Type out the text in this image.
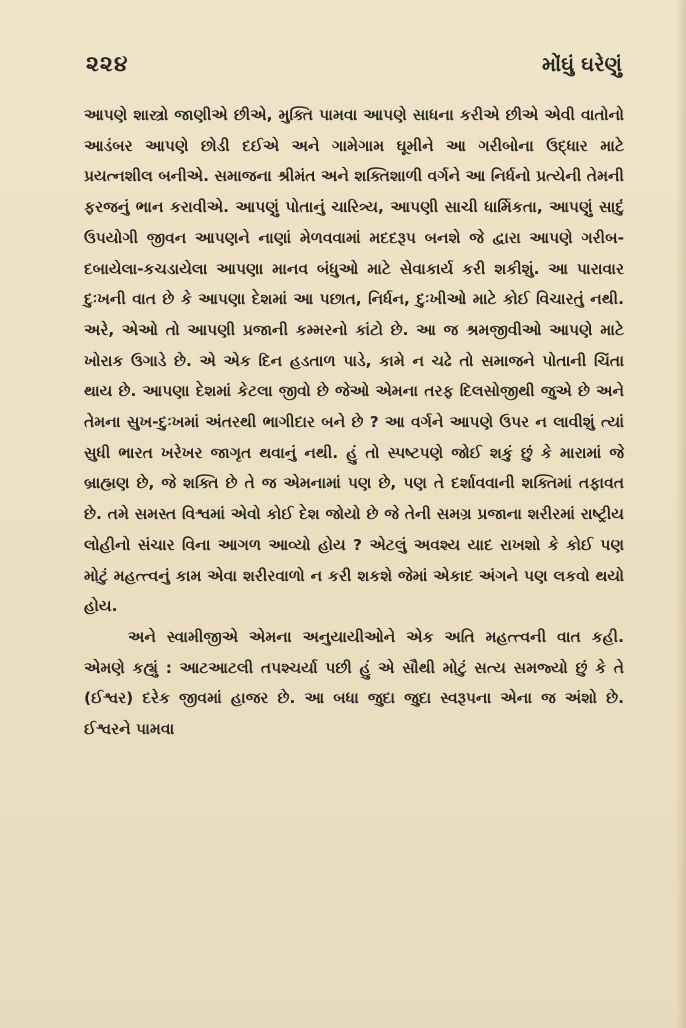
૨૨૪	મોંઘું ઘરેણું

આપણે શાસ્ત્રો જાણીએ છીએ, મુક્તિ પામવા આપણે સાધના કરીએ છીએ એવી વાતોનો આડંબર આપણે છોડી દઈએ અને ગામેગામ ઘૂમીને આ ગરીબોના ઉદ્ધાર માટે પ્રયત્નશીલ બનીએ. સમાજના શ્રીમંત અને શક્તિશાળી વર્ગને આ નિર્ધનો પ્રત્યેની તેમની ફરજનું ભાન કરાવીએ. આપણું પોતાનું ચારિત્ર્ય, આપણી સાચી ધાર્મિકતા, આપણું સાદું ઉપયોગી જીવન આપણને નાણાં મેળવવામાં મદદરૂપ બનશે જે દ્વારા આપણે ગરીબ-દબાયેલા-કચડાયેલા આપણા માનવ બંધુઓ માટે સેવાકાર્ય કરી શકીશું. આ પારાવાર દુઃખની વાત છે કે આપણા દેશમાં આ પછાત, નિર્ધન, દુઃખીઓ માટે કોઈ વિચારતું નથી. અરે, એઓ તો આપણી પ્રજાની કમ્મરનો કાંટો છે. આ જ શ્રમજીવીઓ આપણે માટે ખોરાક ઉગાડે છે. એ એક દિન હડતાળ પાડે, કામે ન ચઢે તો સમાજને પોતાની ચિંતા થાય છે. આપણા દેશમાં કેટલા જીવો છે જેઓ એમના તરફ દિલસોજીથી જુએ છે અને તેમના સુખ-દુઃખમાં અંતરથી ભાગીદાર બને છે ? આ વર્ગને આપણે ઉપર ન લાવીશું ત્યાં સુધી ભારત ખરેખર જાગૃત થવાનું નથી. હું તો સ્પષ્ટપણે જોઈ શકું છું કે મારામાં જે બ્રાહ્મણ છે, જે શક્તિ છે તે જ એમનામાં પણ છે, પણ તે દર્શાવવાની શક્તિમાં તફાવત છે. તમે સમસ્ત વિશ્વમાં એવો કોઈ દેશ જોયો છે જે તેની સમગ્ર પ્રજાના શરીરમાં રાષ્ટ્રીય લોહીનો સંચાર વિના આગળ આવ્યો હોય ? એટલું અવશ્ય યાદ રાખશો કે કોઈ પણ મોટું મહત્ત્વનું કામ એવા શરીરવાળો ન કરી શકશે જેમાં એકાદ અંગને પણ લકવો થયો હોય.

અને સ્વામીજીએ એમના અનુયાયીઓને એક અતિ મહત્ત્વની વાત કહી. એમણે કહ્યું : આટઆટલી તપશ્ચર્યા પછી હું એ સૌથી મોટું સત્ય સમજ્યો છું કે તે (ઈશ્વર) દરેક જીવમાં હાજર છે. આ બધા જુદા જુદા સ્વરૂપના એના જ અંશો છે. ઈશ્વરને પામવા
